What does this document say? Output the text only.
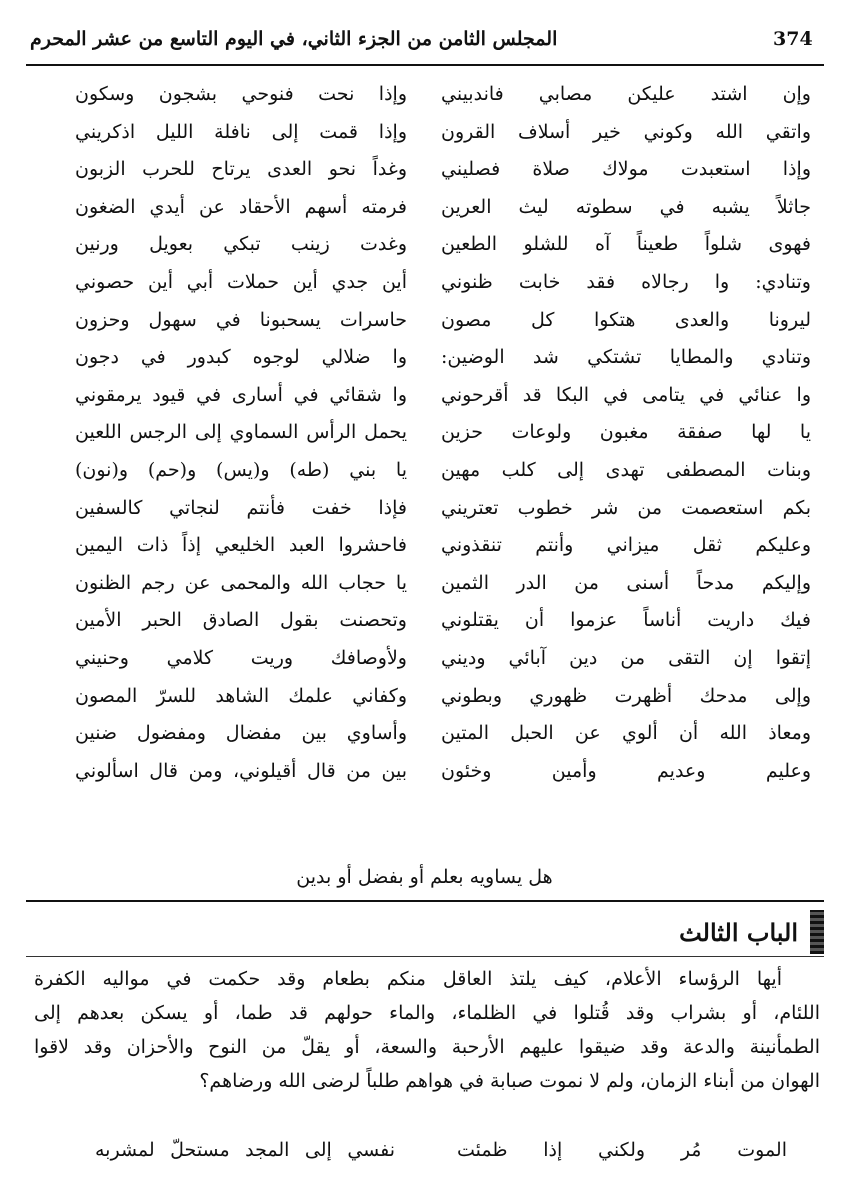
374
المجلس الثامن من الجزء الثاني، في اليوم التاسع من عشر المحرم
وإن اشتد عليكن مصابي فاندبيني
وإذا نحت فنوحي بشجون وسكون
واتقي الله وكوني خير أسلاف القرون
وإذا قمت إلى نافلة الليل اذكريني
وإذا استعبدت مولاك صلاة فصليني
وغداً نحو العدى يرتاح للحرب الزبون
جاثلاً يشبه في سطوته ليث العرين
فرمته أسهم الأحقاد عن أيدي الضغون
فهوى شلواً طعيناً آه للشلو الطعين
وغدت زينب تبكي بعويل ورنين
وتنادي: وا رجالاه فقد خابت ظنوني
أين جدي أين حملات أبي أين حصوني
ليرونا والعدى هتكوا كل مصون
حاسرات يسحبونا في سهول وحزون
وتنادي والمطايا تشتكي شد الوضين:
وا ضلالي لوجوه كبدور في دجون
وا عنائي في يتامى في البكا قد أقرحوني
وا شقائي في أسارى في قيود يرمقوني
يا لها صفقة مغبون ولوعات حزين
يحمل الرأس السماوي إلى الرجس اللعين
وبنات المصطفى تهدى إلى كلب مهين
يا بني (طه) و(يس) و(حم) و(نون)
بكم استعصمت من شر خطوب تعتريني
فإذا خفت فأنتم لنجاتي كالسفين
وعليكم ثقل ميزاني وأنتم تنقذوني
فاحشروا العبد الخليعي إذاً ذات اليمين
وإليكم مدحاً أسنى من الدر الثمين
يا حجاب الله والمحمى عن رجم الظنون
فيك داريت أناساً عزموا أن يقتلوني
وتحصنت بقول الصادق الحبر الأمين
إتقوا إن التقى من دين آبائي وديني
ولأوصافك وريت كلامي وحنيني
وإلى مدحك أظهرت ظهوري وبطوني
وكفاني علمك الشاهد للسرّ المصون
ومعاذ الله أن ألوي عن الحبل المتين
وأساوي بين مفضال ومفضول ضنين
وعليم وعديم وأمين وخئون
بين من قال أقيلوني، ومن قال اسألوني
هل يساويه بعلم أو بفضل أو بدين
الباب الثالث
أيها الرؤساء الأعلام، كيف يلتذ العاقل منكم بطعام وقد حكمت في مواليه الكفرة
اللئام، أو بشراب وقد قُتلوا في الظلماء، والماء حولهم قد طما، أو يسكن بعدهم إلى
الطمأنينة والدعة وقد ضيقوا عليهم الأرحبة والسعة، أو يقلّ من النوح والأحزان وقد لاقوا
الهوان من أبناء الزمان، ولم لا نموت صبابة في هواهم طلباً لرضى الله ورضاهم؟
الموت مُر ولكني إذا ظمئت
نفسي إلى المجد مستحلّ لمشربه
